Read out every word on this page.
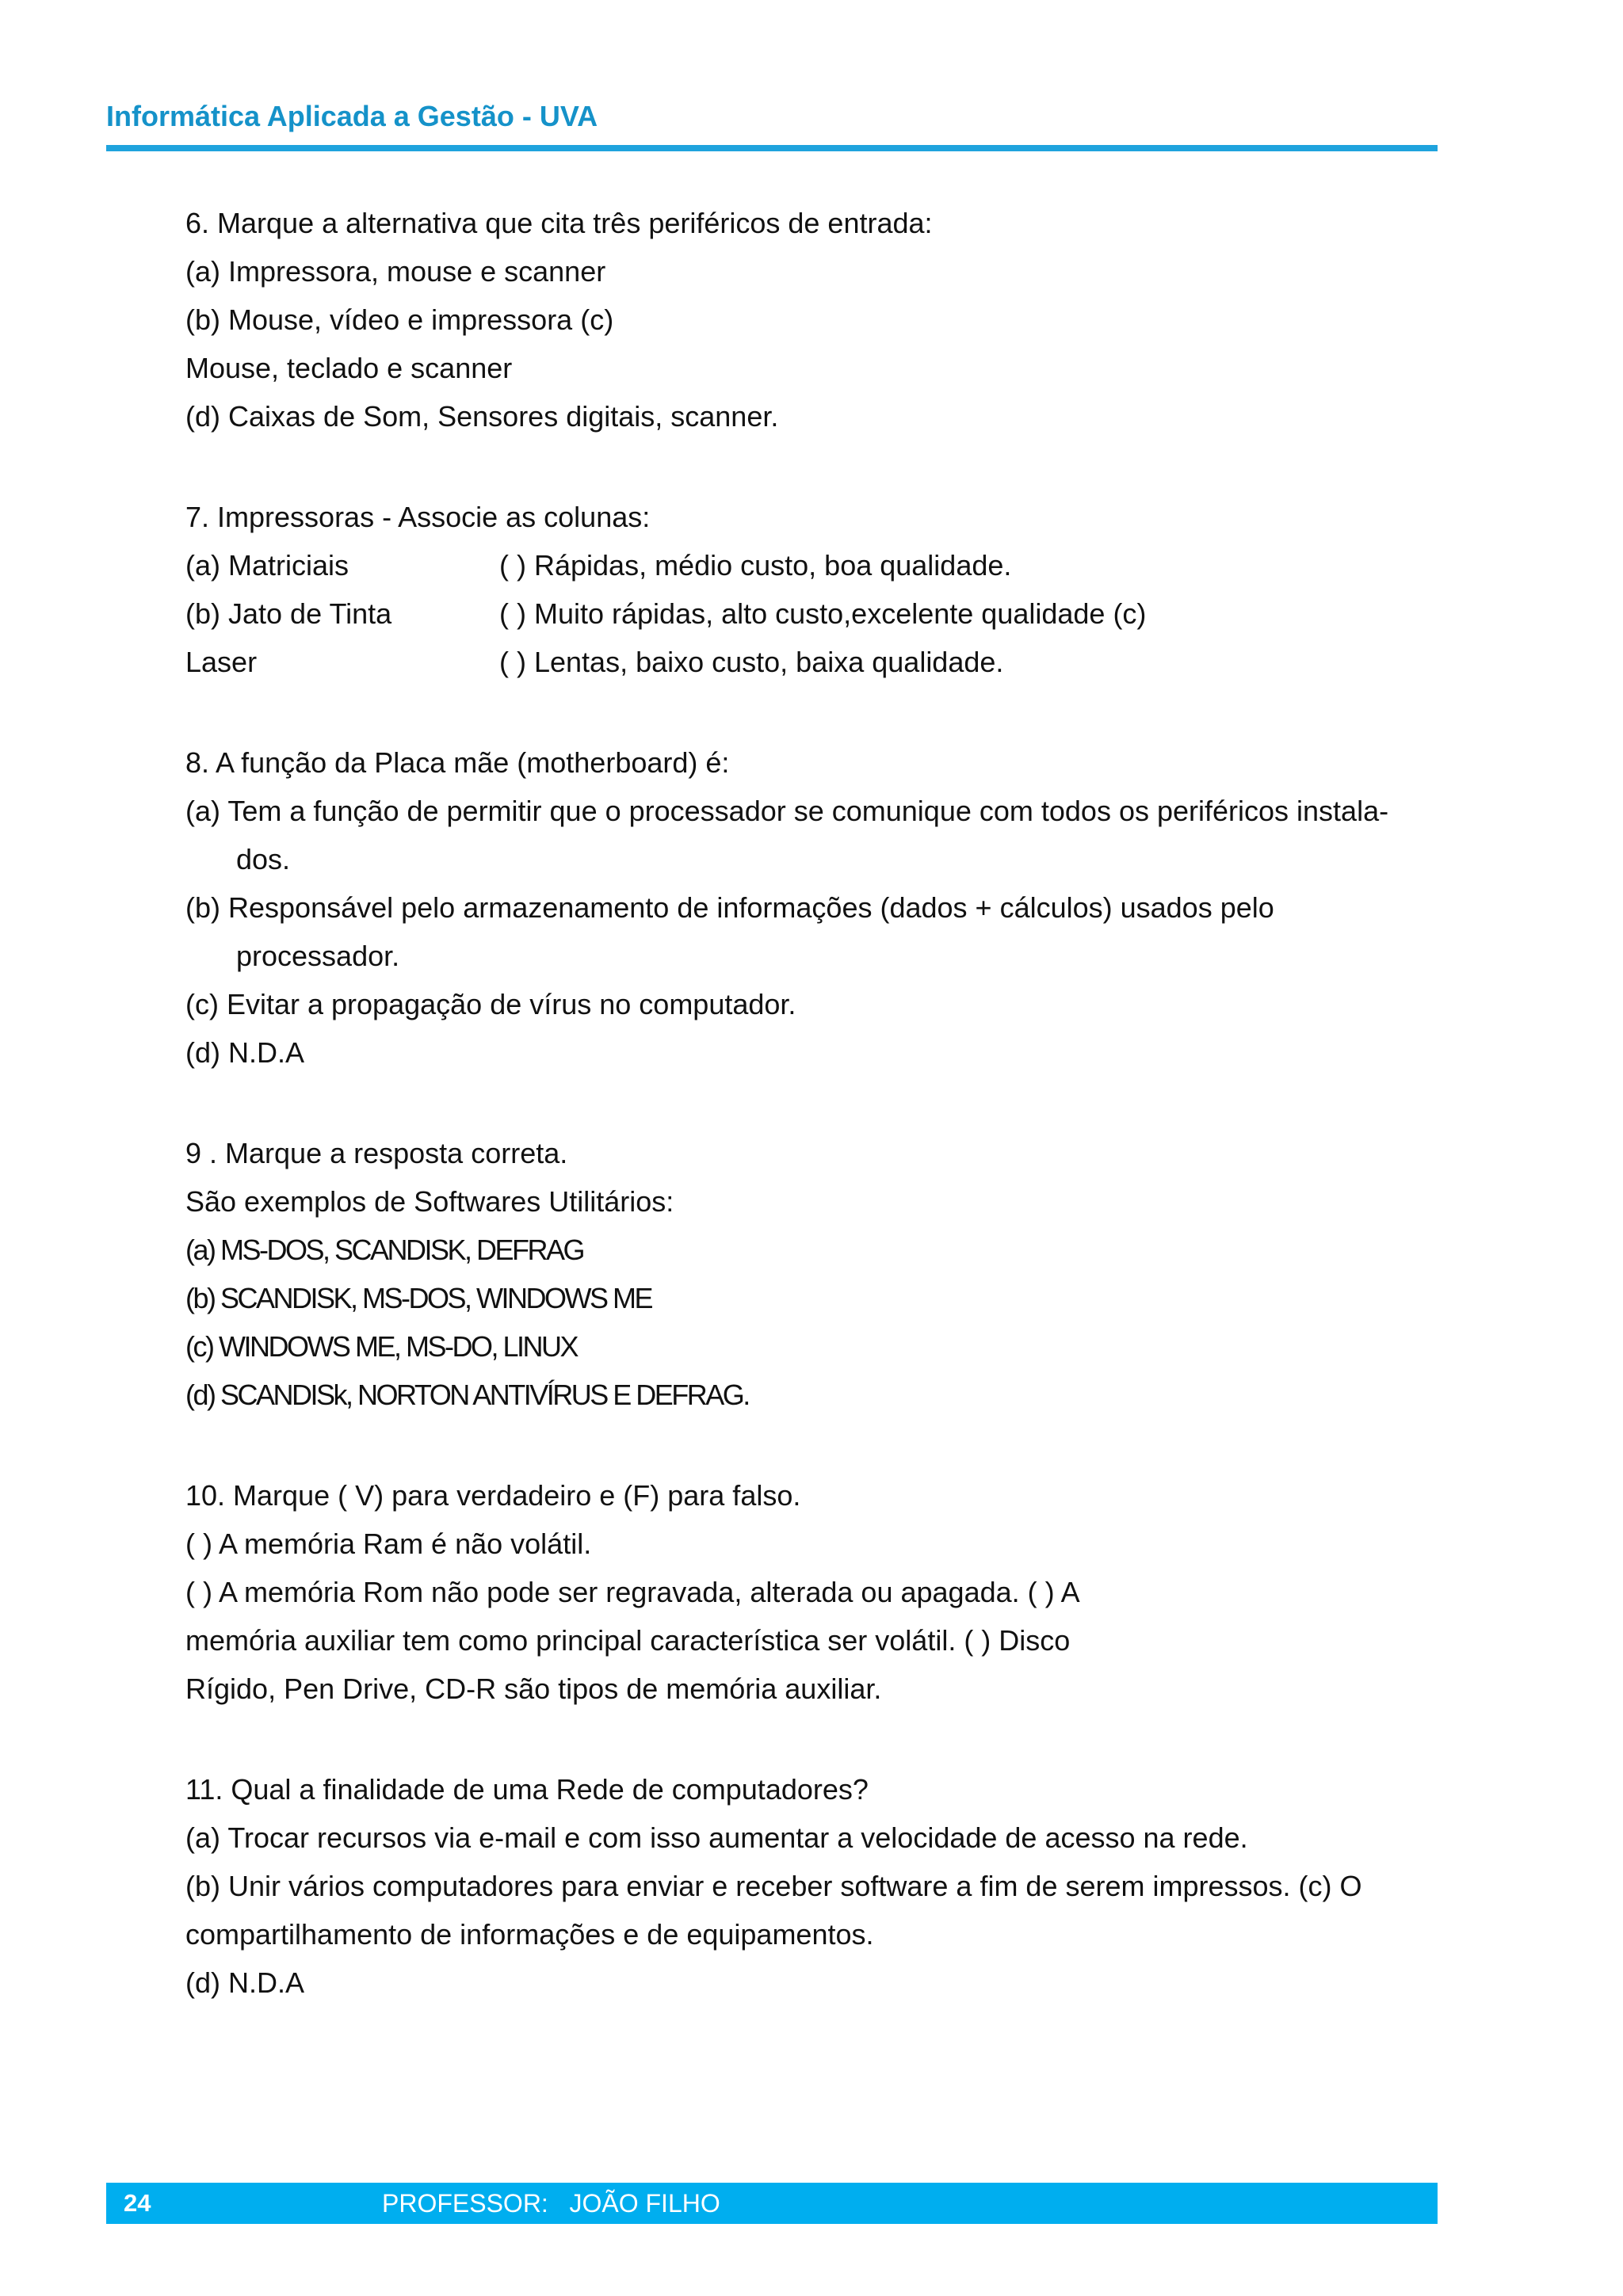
Informática Aplicada a Gestão - UVA
6. Marque a alternativa que cita três periféricos de entrada:
(a) Impressora, mouse e scanner
(b) Mouse, vídeo e impressora (c)
Mouse, teclado e scanner
(d) Caixas de Som, Sensores digitais, scanner.
7. Impressoras - Associe as colunas:
(a) Matriciais	( ) Rápidas, médio custo, boa qualidade.
(b) Jato de Tinta	( ) Muito rápidas, alto custo,excelente qualidade (c)
Laser	( ) Lentas, baixo custo, baixa qualidade.
8. A função da Placa mãe (motherboard) é:
(a) Tem a função de permitir que o processador se comunique com todos os periféricos instala-
dos.
(b) Responsável pelo armazenamento de informações (dados + cálculos) usados pelo
processador.
(c) Evitar a propagação de vírus no computador.
(d) N.D.A
9 . Marque a resposta correta.
São exemplos de Softwares Utilitários:
(a) MS-DOS, SCANDISK, DEFRAG
(b) SCANDISK, MS-DOS, WINDOWS ME
(c) WINDOWS ME, MS-DO, LINUX
(d) SCANDISk, NORTON ANTIVÍRUS E DEFRAG.
10. Marque ( V) para verdadeiro e (F) para falso.
( ) A memória Ram é não volátil.
( ) A memória Rom não pode ser regravada, alterada ou apagada. ( ) A
memória auxiliar tem como principal característica ser volátil. ( ) Disco
Rígido, Pen Drive, CD-R são tipos de memória auxiliar.
11. Qual a finalidade de uma Rede de computadores?
(a) Trocar recursos via e-mail e com isso aumentar a velocidade de acesso na rede.
(b) Unir vários computadores para enviar e receber software a fim de serem impressos. (c) O
compartilhamento de informações e de equipamentos.
(d) N.D.A
24	PROFESSOR: JOÃO FILHO
